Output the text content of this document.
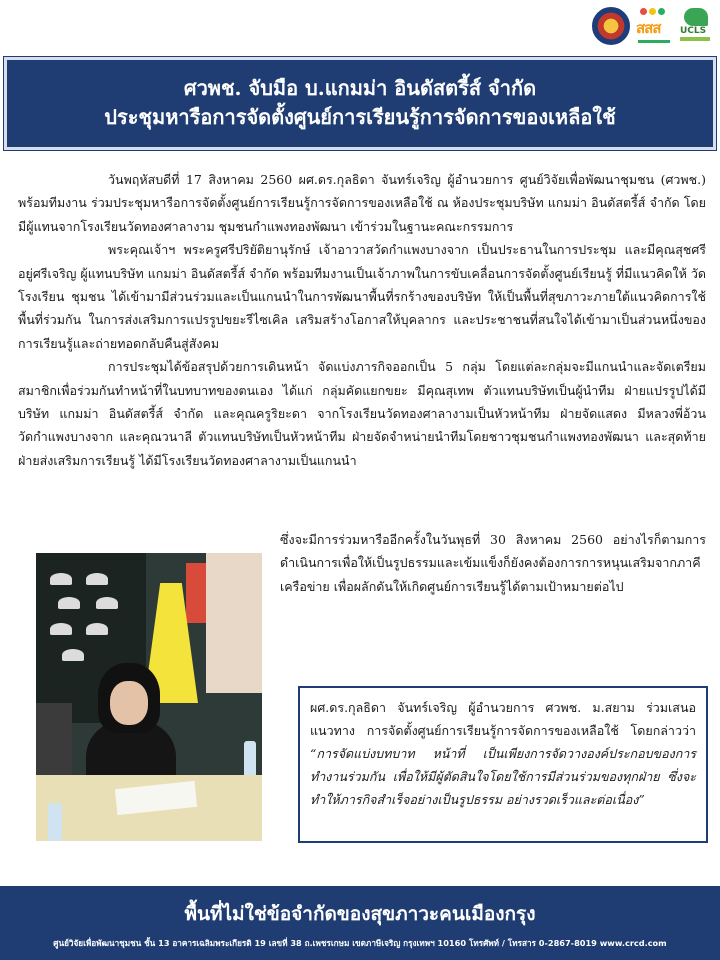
สสส UCLS
ศวพช. จับมือ บ.แกมม่า อินดัสตรี้ส์ จำกัด
ประชุมหารือการจัดตั้งศูนย์การเรียนรู้การจัดการของเหลือใช้

วันพฤหัสบดีที่ 17 สิงหาคม 2560 ผศ.ดร.กุลธิดา จันทร์เจริญ ผู้อำนวยการ ศูนย์วิจัยเพื่อพัฒนาชุมชน (ศวพช.) พร้อมทีมงาน ร่วมประชุมหารือการจัดตั้งศูนย์การเรียนรู้การจัดการของเหลือใช้ ณ ห้องประชุมบริษัท แกมม่า อินดัสตรี้ส์ จำกัด โดยมีผู้แทนจากโรงเรียนวัดทองศาลางาม ชุมชนกำแพงทองพัฒนา เข้าร่วมในฐานะคณะกรรมการ

พระคุณเจ้าฯ พระครูศรีปริยัติยานุรักษ์ เจ้าอาวาสวัดกำแพงบางจาก เป็นประธานในการประชุม และมีคุณสุชศรี อยู่ศรีเจริญ ผู้แทนบริษัท แกมม่า อินดัสตรี้ส์ จำกัด พร้อมทีมงานเป็นเจ้าภาพในการขับเคลื่อนการจัดตั้งศูนย์เรียนรู้ ที่มีแนวคิดให้ วัด โรงเรียน ชุมชน ได้เข้ามามีส่วนร่วมและเป็นแกนนำในการพัฒนาพื้นที่รกร้างของบริษัท ให้เป็นพื้นที่สุขภาวะภายใต้แนวคิดการใช้พื้นที่ร่วมกัน ในการส่งเสริมการแปรรูปขยะรีไซเคิล เสริมสร้างโอกาสให้บุคลากร และประชาชนที่สนใจได้เข้ามาเป็นส่วนหนึ่งของการเรียนรู้และถ่ายทอดกลับคืนสู่สังคม

การประชุมได้ข้อสรุปด้วยการเดินหน้า จัดแบ่งภารกิจออกเป็น 5 กลุ่ม โดยแต่ละกลุ่มจะมีแกนนำและจัดเตรียมสมาชิกเพื่อร่วมกันทำหน้าที่ในบทบาทของตนเอง ได้แก่ กลุ่มคัดแยกขยะ มีคุณสุเทพ ตัวแทนบริษัทเป็นผู้นำทีม ฝ่ายแปรรูปได้มีบริษัท แกมม่า อินดัสตรี้ส์ จำกัด และคุณครูริยะดา จากโรงเรียนวัดทองศาลางามเป็นหัวหน้าทีม ฝ่ายจัดแสดง มีหลวงพี่อ้วน วัดกำแพงบางจาก และคุณวนาลี ตัวแทนบริษัทเป็นหัวหน้าทีม ฝ่ายจัดจำหน่ายนำทีมโดยชาวชุมชนกำแพงทองพัฒนา และสุดท้ายฝ่ายส่งเสริมการเรียนรู้ ได้มีโรงเรียนวัดทองศาลางามเป็นแกนนำ

ซึ่งจะมีการร่วมหารืออีกครั้งในวันพุธที่ 30 สิงหาคม 2560 อย่างไรก็ตามการดำเนินการเพื่อให้เป็นรูปธรรมและเข้มแข็งก็ยังคงต้องการการหนุนเสริมจากภาคีเครือข่าย เพื่อผลักดันให้เกิดศูนย์การเรียนรู้ได้ตามเป้าหมายต่อไป
ผศ.ดร.กุลธิดา จันทร์เจริญ ผู้อำนวยการ ศวพช. ม.สยาม ร่วมเสนอแนวทาง การจัดตั้งศูนย์การเรียนรู้การจัดการของเหลือใช้ โดยกล่าวว่า “การจัดแบ่งบทบาท หน้าที่ เป็นเพียงการจัดวางองค์ประกอบของการทำงานร่วมกัน เพื่อให้มีผู้ตัดสินใจโดยใช้การมีส่วนร่วมของทุกฝ่าย ซึ่งจะทำให้ภารกิจสำเร็จอย่างเป็นรูปธรรม อย่างรวดเร็วและต่อเนื่อง”
พื้นที่ไม่ใช่ข้อจำกัดของสุขภาวะคนเมืองกรุง
ศูนย์วิจัยเพื่อพัฒนาชุมชน ชั้น 13 อาคารเฉลิมพระเกียรติ 19 เลขที่ 38 ถ.เพชรเกษม เขตภาษีเจริญ กรุงเทพฯ 10160 โทรศัพท์ / โทรสาร 0-2867-8019 www.crcd.com
